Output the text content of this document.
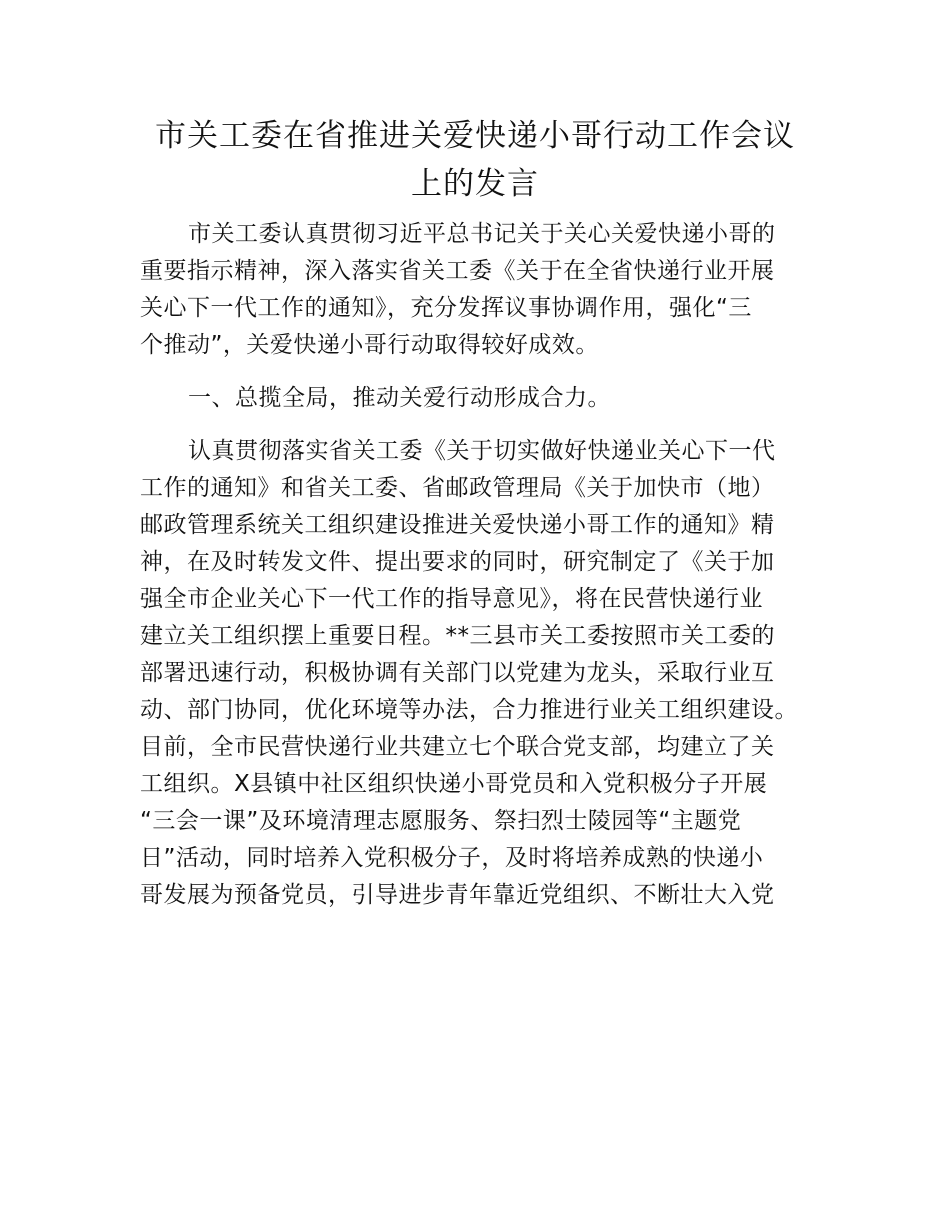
市关工委在省推进关爱快递小哥行动工作会议
上的发言
市关工委认真贯彻习近平总书记关于关心关爱快递小哥的
重要指示精神，深入落实省关工委《关于在全省快递行业开展
关心下一代工作的通知》，充分发挥议事协调作用，强化“三
个推动”，关爱快递小哥行动取得较好成效。
一、总揽全局，推动关爱行动形成合力。
认真贯彻落实省关工委《关于切实做好快递业关心下一代
工作的通知》和省关工委、省邮政管理局《关于加快市（地）
邮政管理系统关工组织建设推进关爱快递小哥工作的通知》精
神，在及时转发文件、提出要求的同时，研究制定了《关于加
强全市企业关心下一代工作的指导意见》，将在民营快递行业
建立关工组织摆上重要日程。**三县市关工委按照市关工委的
部署迅速行动，积极协调有关部门以党建为龙头，采取行业互
动、部门协同，优化环境等办法，合力推进行业关工组织建设。
目前，全市民营快递行业共建立七个联合党支部，均建立了关
工组织。X县镇中社区组织快递小哥党员和入党积极分子开展
“三会一课”及环境清理志愿服务、祭扫烈士陵园等“主题党
日”活动，同时培养入党积极分子，及时将培养成熟的快递小
哥发展为预备党员，引导进步青年靠近党组织、不断壮大入党
